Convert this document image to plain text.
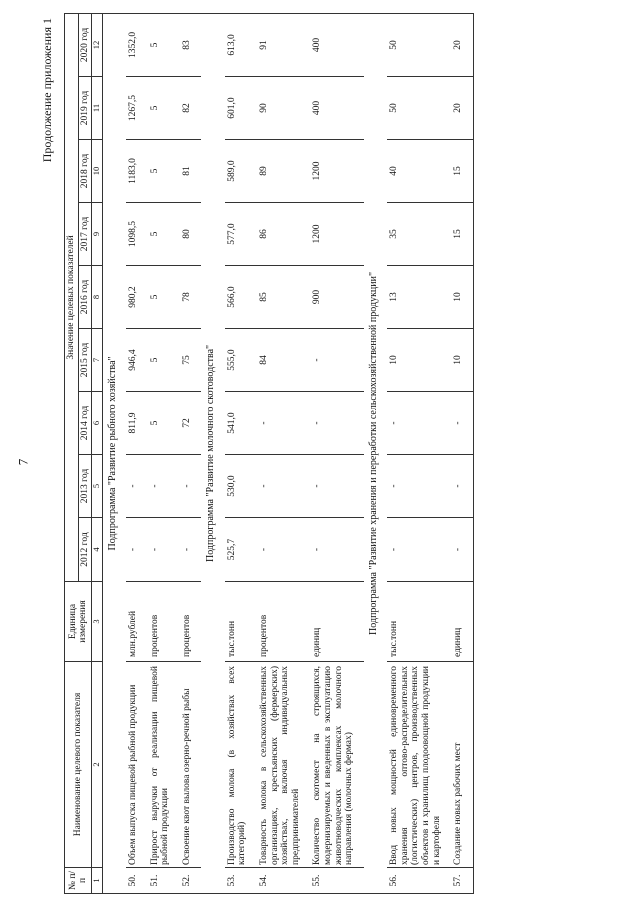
7
Продолжение приложения 1
№ п/п	Наименование целевого показателя	Единица измерения	Значение целевых показателей								
			2012 год	2013 год	2014 год	2015 год	2016 год	2017 год	2018 год	2019 год	2020 год
1	2	3	4	5	6	7	8	9	10	11	12
Подпрограмма "Развитие рыбного хозяйства"											
50.	Объем выпуска пищевой рыбной продукции	млн.рублей	-	-	811,9	946,4	980,2	1098,5	1183,0	1267,5	1352,0
51.	Прирост выручки от реализации пищевой рыбной продукции	процентов	-	-	5	5	5	5	5	5	5
52.	Освоение квот вылова озерно-речной рыбы	процентов	-	-	72	75	78	80	81	82	83
Подпрограмма "Развитие молочного скотоводства"											
53.	Производство молока (в хозяйствах всех категорий)	тыс.тонн	525,7	530,0	541,0	555,0	566,0	577,0	589,0	601,0	613,0
54.	Товарность молока в сельскохозяйственных организациях, крестьянских (фермерских) хозяйствах, включая индивидуальных предпринимателей	процентов	-	-	-	84	85	86	89	90	91
55.	Количество скотомест на строящихся, модернизируемых и введенных в эксплуатацию животноводческих комплексах молочного направления (молочных фермах)	единиц	-	-	-	-	900	1200	1200	400	400
Подпрограмма "Развитие хранения и переработки сельскохозяйственной продукции"											
56.	Ввод новых мощностей единовременного хранения оптово-распределительных (логистических) центров, производственных объектов и хранилищ плодоовощной продукции и картофеля	тыс.тонн	-	-	-	10	13	35	40	50	50
57.	Создание новых рабочих мест	единиц	-	-	-	10	10	15	15	20	20
